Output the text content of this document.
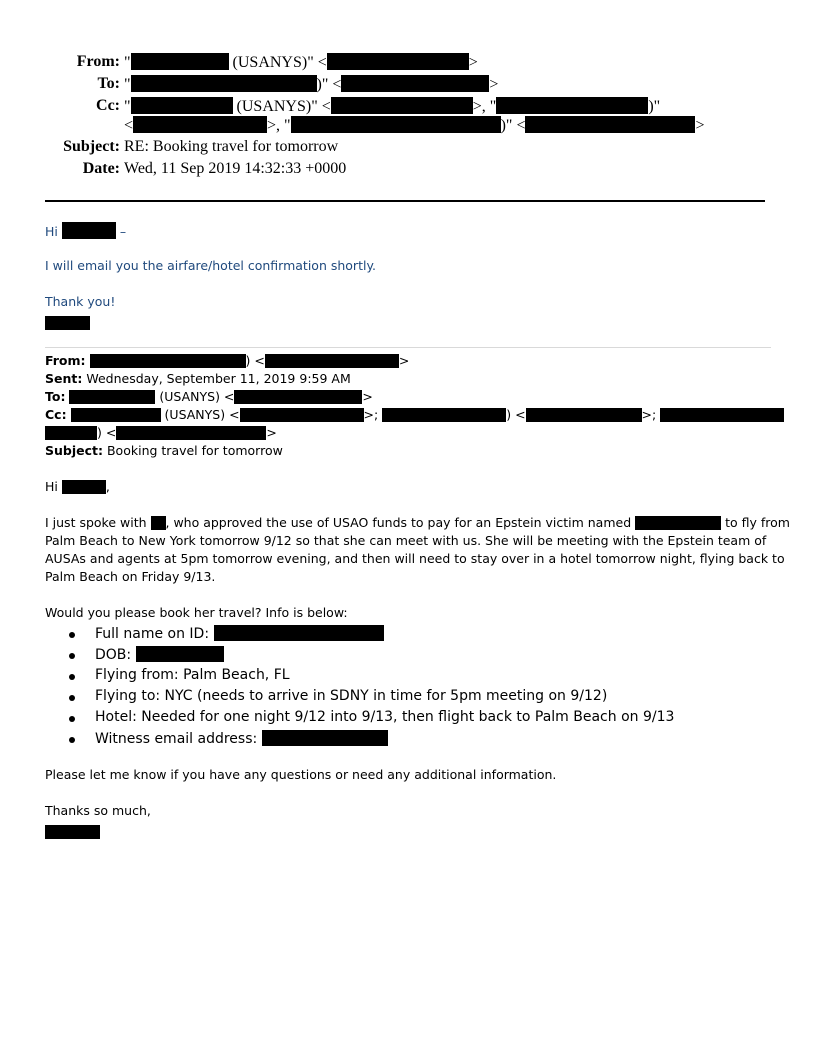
From: "	(USANYS)" <	>
To: "	)" <	>
Cc: "	(USANYS)" <	>, "	)"
<	>, "	)" <	>
Subject: RE: Booking travel for tomorrow
Date: Wed, 11 Sep 2019 14:32:33 +0000
Hi	–
I will email you the airfare/hotel confirmation shortly.
Thank you!
From:	) <	>
Sent: Wednesday, September 11, 2019 9:59 AM
To:	(USANYS) <	>
Cc:	(USANYS) <	>;	) <	>;
) <	>
Subject: Booking travel for tomorrow
Hi	,
I just spoke with , who approved the use of USAO funds to pay for an Epstein victim named	to fly from
Palm Beach to New York tomorrow 9/12 so that she can meet with us. She will be meeting with the Epstein team of
AUSAs and agents at 5pm tomorrow evening, and then will need to stay over in a hotel tomorrow night, flying back to
Palm Beach on Friday 9/13.
Would you please book her travel? Info is below:
Full name on ID:
DOB:
Flying from: Palm Beach, FL
Flying to: NYC (needs to arrive in SDNY in time for 5pm meeting on 9/12)
Hotel: Needed for one night 9/12 into 9/13, then flight back to Palm Beach on 9/13
Witness email address:
Please let me know if you have any questions or need any additional information.
Thanks so much,
